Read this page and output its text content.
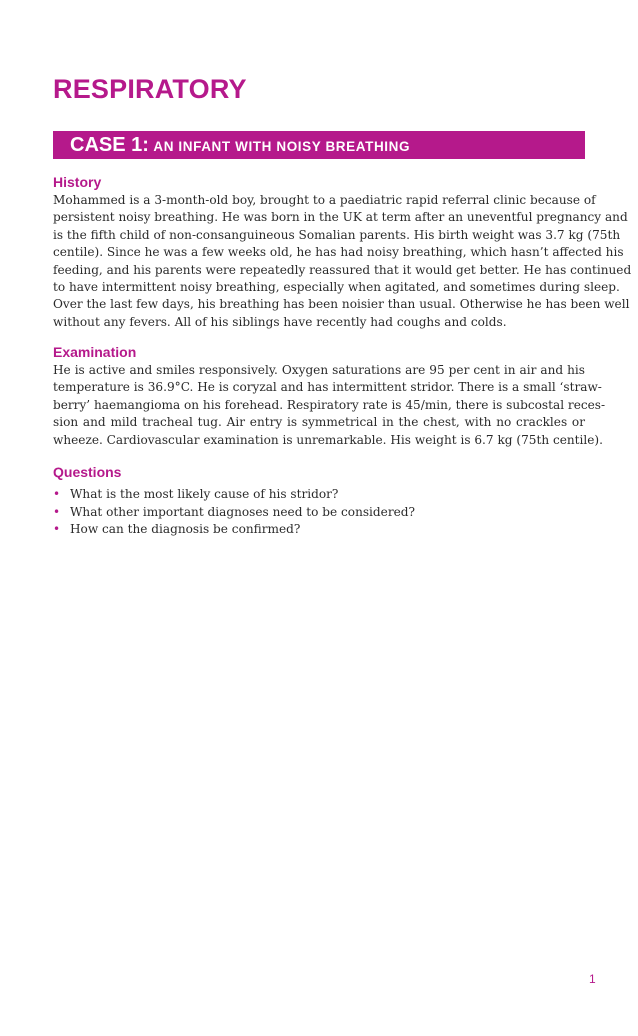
RESPIRATORY
CASE 1: AN INFANT WITH NOISY BREATHING
History
Mohammed is a 3-month-old boy, brought to a paediatric rapid referral clinic because of
persistent noisy breathing. He was born in the UK at term after an uneventful pregnancy and
is the fifth child of non-consanguineous Somalian parents. His birth weight was 3.7 kg (75th
centile). Since he was a few weeks old, he has had noisy breathing, which hasn’t affected his
feeding, and his parents were repeatedly reassured that it would get better. He has continued
to have intermittent noisy breathing, especially when agitated, and sometimes during sleep.
Over the last few days, his breathing has been noisier than usual. Otherwise he has been well
without any fevers. All of his siblings have recently had coughs and colds.
Examination
He is active and smiles responsively. Oxygen saturations are 95 per cent in air and his
temperature is 36.9°C. He is coryzal and has intermittent stridor. There is a small ‘straw-
berry’ haemangioma on his forehead. Respiratory rate is 45/min, there is subcostal reces-
sion and mild tracheal tug. Air entry is symmetrical in the chest, with no crackles or
wheeze. Cardiovascular examination is unremarkable. His weight is 6.7 kg (75th centile).
Questions
• What is the most likely cause of his stridor?
• What other important diagnoses need to be considered?
• How can the diagnosis be confirmed?
1
